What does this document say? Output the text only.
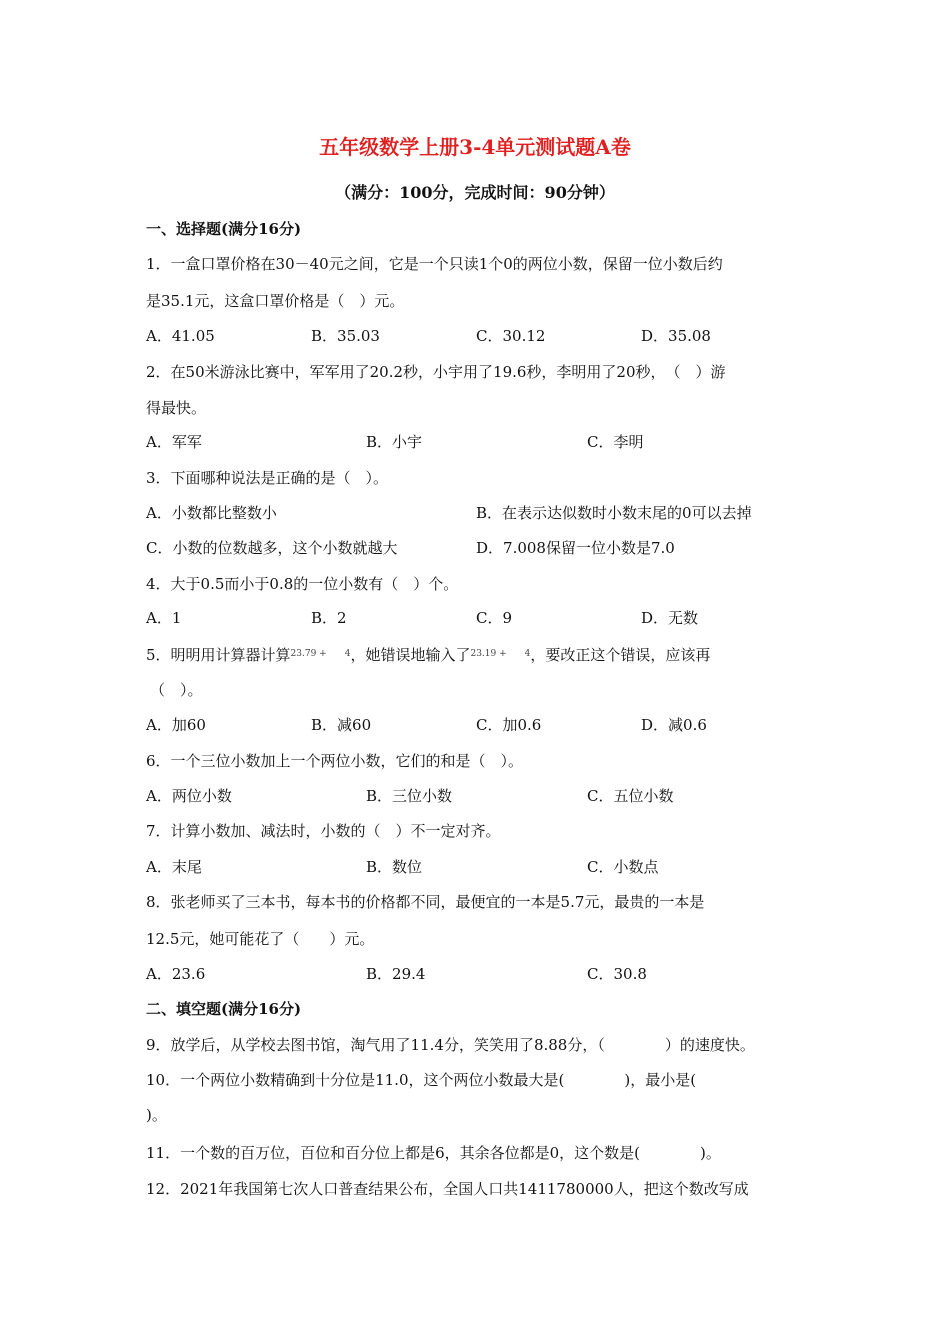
五年级数学上册3-4单元测试题A卷
（满分：100分，完成时间：90分钟）
一、选择题(满分16分)
1．一盒口罩价格在30－40元之间，它是一个只读1个0的两位小数，保留一位小数后约
是35.1元，这盒口罩价格是（　）元。
A．41.05	B．35.03	C．30.12	D．35.08
2．在50米游泳比赛中，军军用了20.2秒，小宇用了19.6秒，李明用了20秒，　（　）游
得最快。
A．军军	B．小宇	C．李明
3．下面哪种说法是正确的是（　）。
A．小数都比整数小	B．在表示达似数时小数末尾的0可以去掉
C．小数的位数越多，这个小数就越大	D．7.008保留一位小数是7.0
4．大于0.5而小于0.8的一位小数有（　）个。
A．1	B．2	C．9	D．无数
5．明明用计算器计算$^{23.79 + 4}$，她错误地输入了$^{23.19 + 4}$，要改正这个错误，应该再
（　）。
A．加60	B．减60	C．加0.6	D．减0.6
6．一个三位小数加上一个两位小数，它们的和是（　）。
A．两位小数	B．三位小数	C．五位小数
7．计算小数加、减法时，小数的（　）不一定对齐。
A．末尾	B．数位	C．小数点
8．张老师买了三本书，每本书的价格都不同，最便宜的一本是5.7元，最贵的一本是
12.5元，她可能花了（　　）元。
A．23.6	B．29.4	C．30.8
二、填空题(满分16分)
9．放学后，从学校去图书馆，淘气用了11.4分，笑笑用了8.88分，（　　　　）的速度快。
10．一个两位小数精确到十分位是11.0，这个两位小数最大是(　　　　)，最小是(
)。
11．一个数的百万位，百位和百分位上都是6，其余各位都是0，这个数是(　　　　)。
12．2021年我国第七次人口普查结果公布，全国人口共1411780000人，把这个数改写成
